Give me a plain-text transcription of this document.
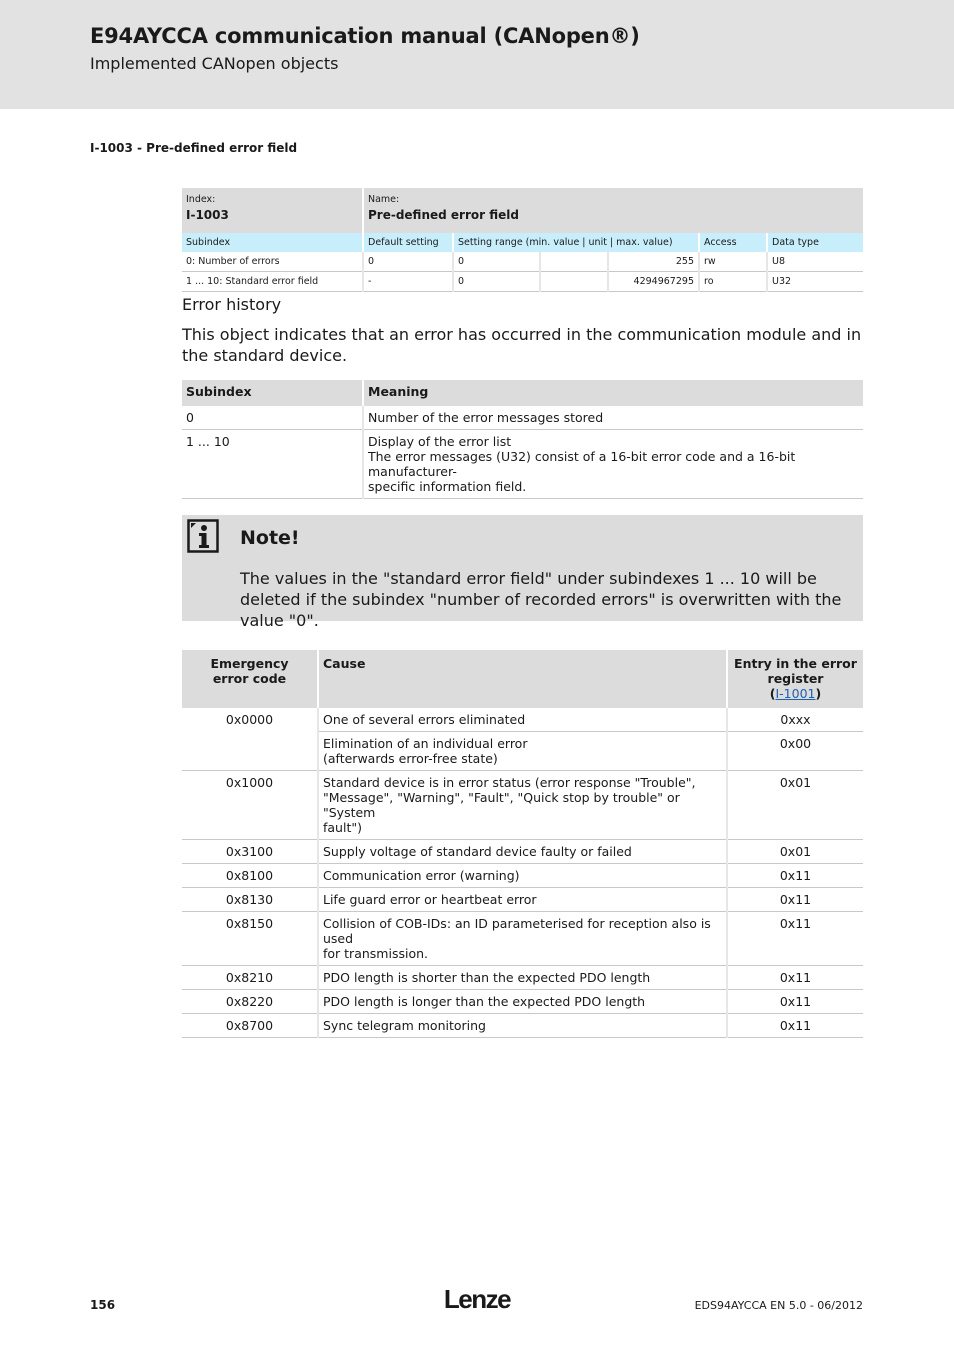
E94AYCCA communication manual (CANopen®)
Implemented CANopen objects
I-1003 - Pre-defined error field
Index:
I-1003	Name:
Pre-defined error field					
Subindex	Default setting	Setting range (min. value | unit | max. value)			Access	Data type
0: Number of errors	0	0		255	rw	U8
1 ... 10: Standard error field	-	0		4294967295	ro	U32
Error history

This object indicates that an error has occurred in the communication module and in the standard device.

Subindex	Meaning
0	Number of the error messages stored

1 ... 10	Display of the error list
The error messages (U32) consist of a 16-bit error code and a 16-bit manufacturer-
specific information field.
Note!

The values in the "standard error field" under subindexes 1 ... 10 will be deleted if the subindex "number of recorded errors" is overwritten with the value "0".

Emergency
error code	Cause	Entry in the error
register
(I-1001)

0x0000	One of several errors eliminated	0xxx

	Elimination of an individual error
(afterwards error-free state)	0x00
0x1000	Standard device is in error status (error response "Trouble",
"Message", "Warning", "Fault", "Quick stop by trouble" or "System
fault")	0x01
0x3100	Supply voltage of standard device faulty or failed	0x01
0x8100	Communication error (warning)	0x11
0x8130	Life guard error or heartbeat error	0x11
0x8150	Collision of COB-IDs: an ID parameterised for reception also is used
for transmission.	0x11
0x8210	PDO length is shorter than the expected PDO length	0x11
0x8220	PDO length is longer than the expected PDO length	0x11
0x8700	Sync telegram monitoring	0x11
156	Lenze	EDS94AYCCA EN 5.0 - 06/2012
